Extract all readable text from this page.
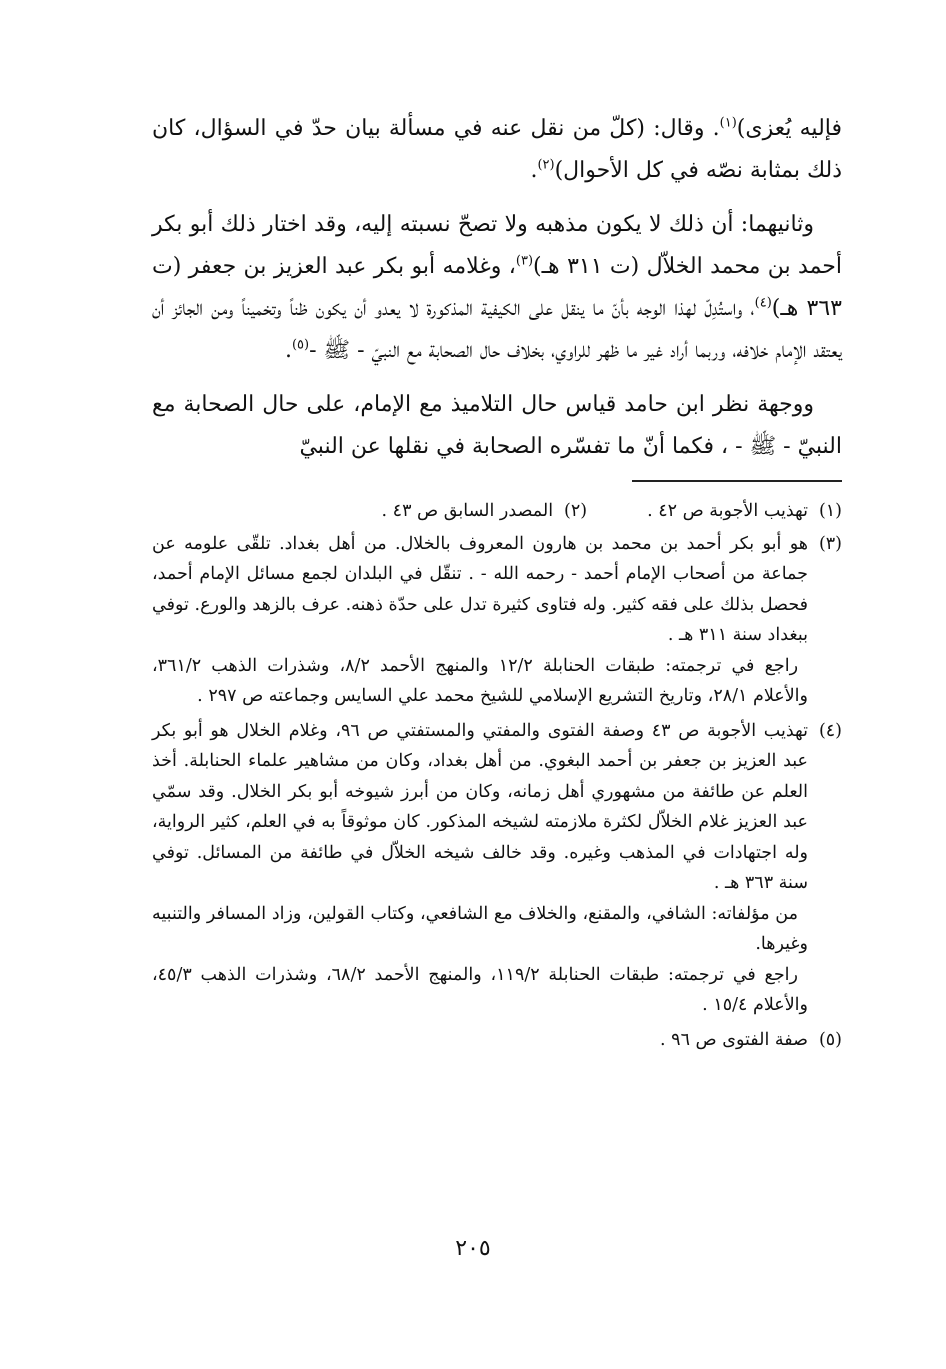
فإليه يُعزى)$^{(١)}$. وقال: (كلّ من نقل عنه في مسألة بيان حدّ في السؤال، كان ذلك بمثابة نصّه في كل الأحوال)$^{(٢)}$.

وثانيهما: أن ذلك لا يكون مذهبه ولا تصحّ نسبته إليه، وقد اختار ذلك أبو بكر أحمد بن محمد الخلاّل (ت ٣١١ هـ)$^{(٣)}$، وغلامه أبو بكر عبد العزيز بن جعفر (ت ٣٦٣ هـ)$^{(٤)}$، واستُدِلّ لهذا الوجه بأنّ ما ينقل على الكيفية المذكورة لا يعدو أن يكون ظناً وتخميناً ومن الجائز أن يعتقد الإمام خلافه، وربما أراد غير ما ظهر للراوي، بخلاف حال الصحابة مع النبيّ - ﷺ -$^{(٥)}$.

ووجهة نظر ابن حامد قياس حال التلاميذ مع الإمام، على حال الصحابة مع النبيّ - ﷺ - ، فكما أنّ ما تفسّره الصحابة في نقلها عن النبيّ

(١)
تهذيب الأجوبة ص ٤٢ .
(٢)
المصدر السابق ص ٤٣ .
(٣)
هو أبو بكر أحمد بن محمد بن هارون المعروف بالخلال. من أهل بغداد. تلقّى علومه عن جماعة من أصحاب الإمام أحمد - رحمه الله - . تنقّل في البلدان لجمع مسائل الإمام أحمد، فحصل بذلك على فقه كثير. وله فتاوى كثيرة تدل على حدّة ذهنه. عرف بالزهد والورع. توفي ببغداد سنة ٣١١ هـ .
راجع في ترجمته: طبقات الحنابلة ١٢/٢ والمنهج الأحمد ٨/٢، وشذرات الذهب ٣٦١/٢، والأعلام ٢٨/١، وتاريخ التشريع الإسلامي للشيخ محمد علي السايس وجماعته ص ٢٩٧ .
(٤)
تهذيب الأجوبة ص ٤٣ وصفة الفتوى والمفتي والمستفتي ص ٩٦، وغلام الخلال هو أبو بكر عبد العزيز بن جعفر بن أحمد البغوي. من أهل بغداد، وكان من مشاهير علماء الحنابلة. أخذ العلم عن طائفة من مشهوري أهل زمانه، وكان من أبرز شيوخه أبو بكر الخلال. وقد سمّي عبد العزيز غلام الخلاّل لكثرة ملازمته لشيخه المذكور. كان موثوقاً به في العلم، كثير الرواية، وله اجتهادات في المذهب وغيره. وقد خالف شيخه الخلاّل في طائفة من المسائل. توفي سنة ٣٦٣ هـ .
من مؤلفاته: الشافي، والمقنع، والخلاف مع الشافعي، وكتاب القولين، وزاد المسافر والتنبيه وغيرها.
راجع في ترجمته: طبقات الحنابلة ١١٩/٢، والمنهج الأحمد ٦٨/٢، وشذرات الذهب ٤٥/٣، والأعلام ١٥/٤ .
(٥)
صفة الفتوى ص ٩٦ .
٢٠٥
